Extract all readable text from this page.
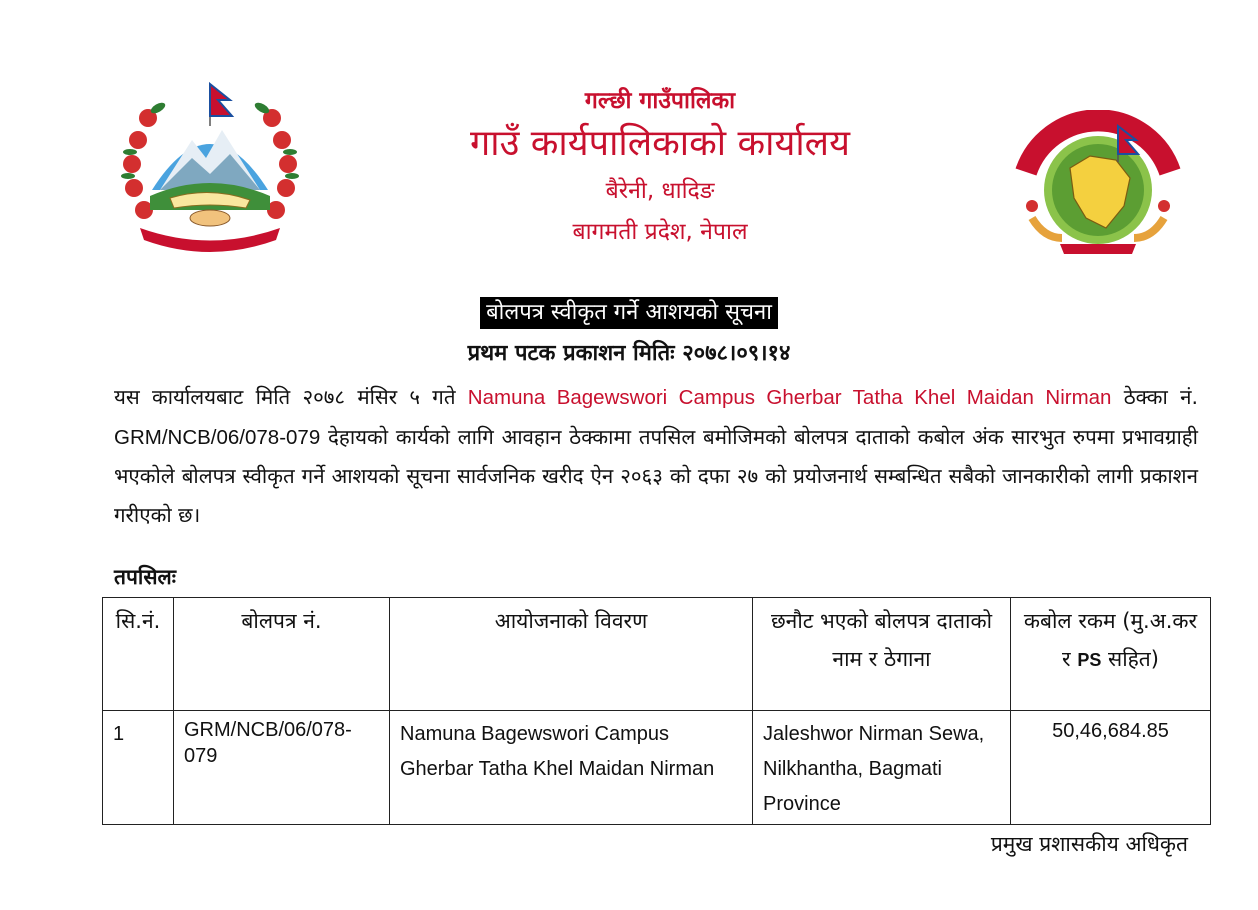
गल्छी गाउँपालिका
गाउँ कार्यपालिकाको कार्यालय
बैरेनी, धादिङ
बागमती प्रदेश, नेपाल
बोलपत्र स्वीकृत गर्ने आशयको सूचना
प्रथम पटक प्रकाशन मितिः २०७८।०९।१४
यस कार्यालयबाट मिति २०७८ मंसिर ५ गते Namuna Bagewswori Campus Gherbar Tatha Khel Maidan Nirman ठेक्का नं. GRM/NCB/06/078-079 देहायको कार्यको लागि आवहान ठेक्कामा तपसिल बमोजिमको बोलपत्र दाताको कबोल अंक सारभुत रुपमा प्रभावग्राही भएकोले बोलपत्र स्वीकृत गर्ने आशयको सूचना सार्वजनिक खरीद ऐन २०६३ को दफा २७ को प्रयोजनार्थ सम्बन्धित सबैको जानकारीको लागी प्रकाशन गरीएको छ।
तपसिलः
सि.नं.	बोलपत्र नं.	आयोजनाको विवरण	छनौट भएको बोलपत्र दाताको नाम र ठेगाना	कबोल रकम (मु.अ.कर र PS सहित)
1	GRM/NCB/06/078-079	Namuna Bagewswori Campus Gherbar Tatha Khel Maidan Nirman	Jaleshwor Nirman Sewa, Nilkhantha, Bagmati Province	50,46,684.85
प्रमुख प्रशासकीय अधिकृत
